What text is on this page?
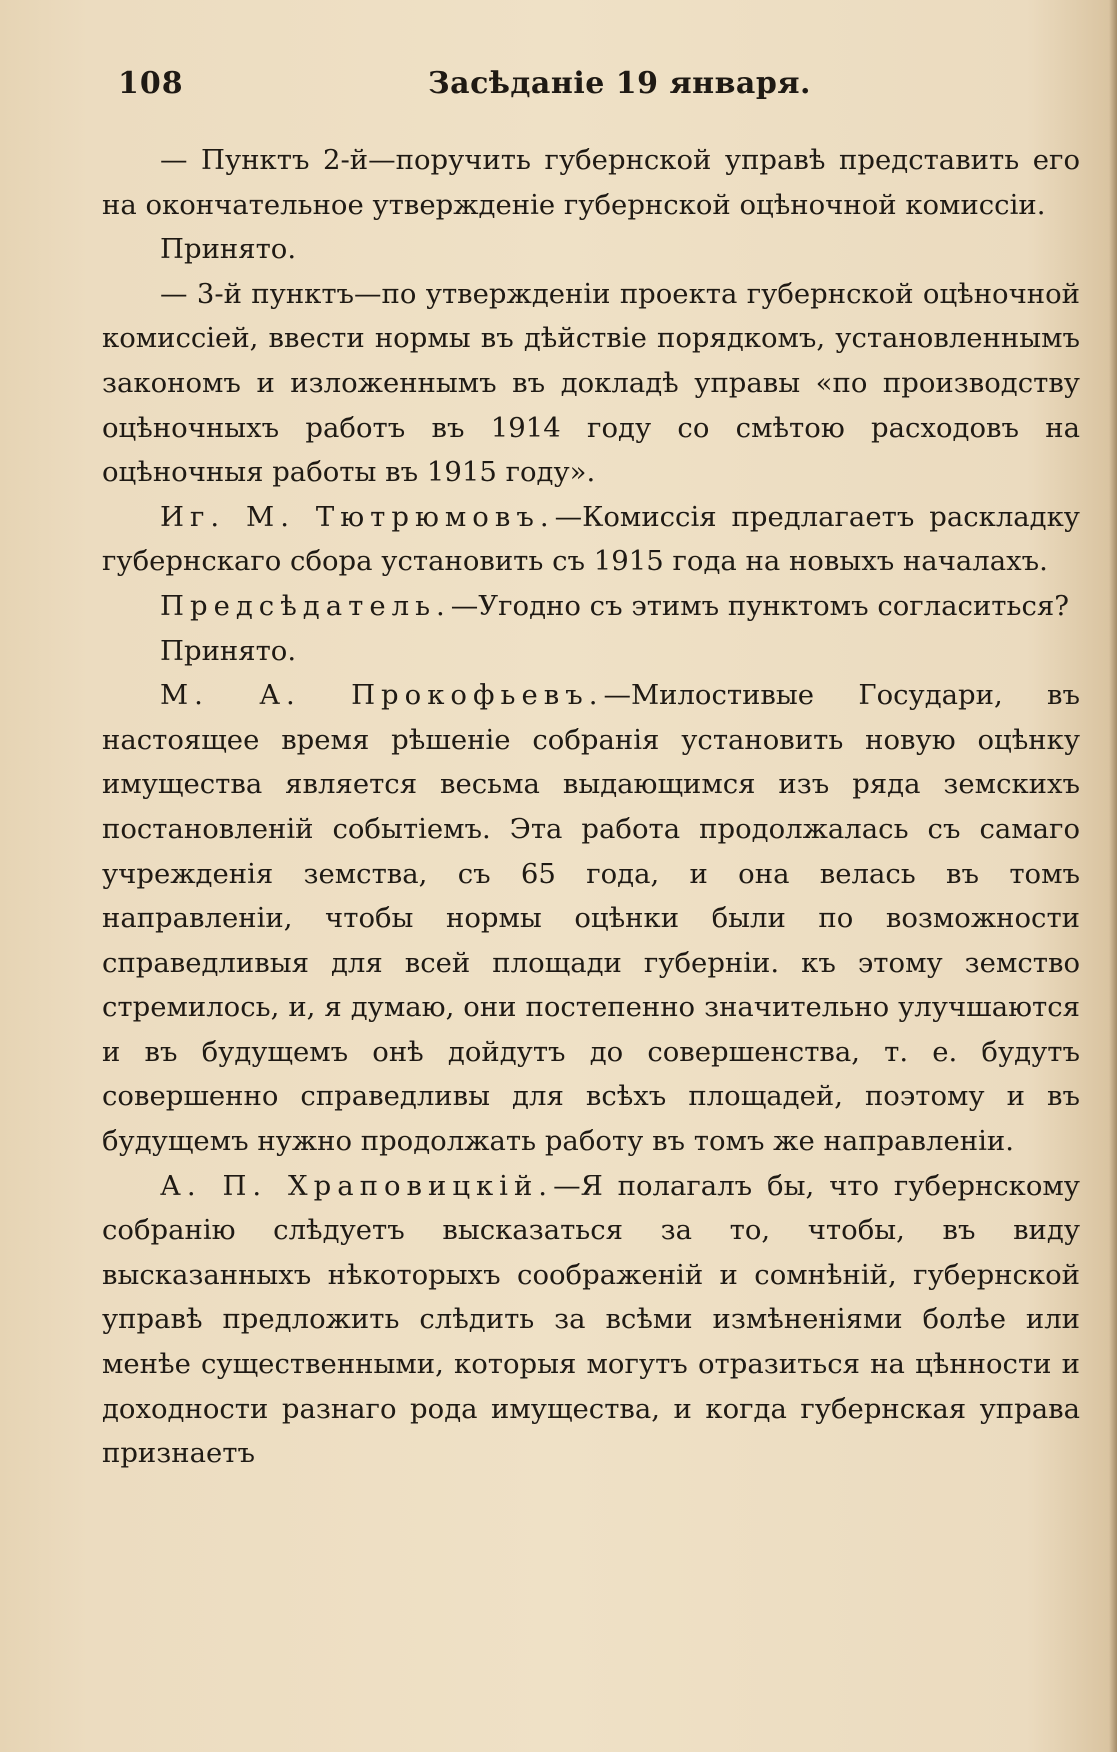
108	Засѣданіе 19 января.

— Пунктъ 2-й—поручить губернской управѣ представить его на окончательное утвержденіе губернской оцѣночной комиссіи.

Принято.

— 3-й пунктъ—по утвержденіи проекта губернской оцѣночной комиссіей, ввести нормы въ дѣйствіе порядкомъ, установленнымъ закономъ и изложеннымъ въ докладѣ управы «по производству оцѣночныхъ работъ въ 1914 году со смѣтою расходовъ на оцѣночныя работы въ 1915 году».

Иг. М. Тютрюмовъ.—Комиссія предлагаетъ раскладку губернскаго сбора установить съ 1915 года на новыхъ началахъ.

Предсѣдатель.—Угодно съ этимъ пунктомъ согласиться?

Принято.

М. А. Прокофьевъ.—Милостивые Государи, въ настоящее время рѣшеніе собранія установить новую оцѣнку имущества является весьма выдающимся изъ ряда земскихъ постановленій событіемъ. Эта работа продолжалась съ самаго учрежденія земства, съ 65 года, и она велась въ томъ направленіи, чтобы нормы оцѣнки были по возможности справедливыя для всей площади губерніи. къ этому земство стремилось, и, я думаю, они постепенно значительно улучшаются и въ будущемъ онѣ дойдутъ до совершенства, т. е. будутъ совершенно справедливы для всѣхъ площадей, поэтому и въ будущемъ нужно продолжать работу въ томъ же направленіи.

А. П. Храповицкій.—Я полагалъ бы, что губернскому собранію слѣдуетъ высказаться за то, чтобы, въ виду высказанныхъ нѣкоторыхъ соображеній и сомнѣній, губернской управѣ предложить слѣдить за всѣми измѣненіями болѣе или менѣе существенными, которыя могутъ отразиться на цѣнности и доходности разнаго рода имущества, и когда губернская управа признаетъ
